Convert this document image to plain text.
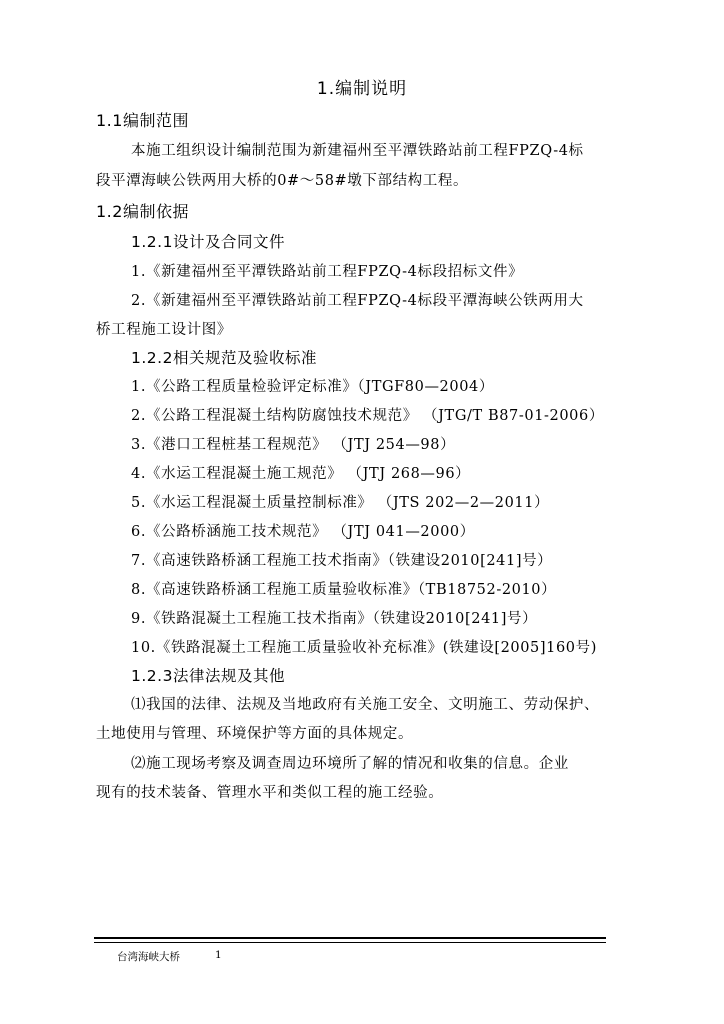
1.编制说明
1.1编制范围
本施工组织设计编制范围为新建福州至平潭铁路站前工程FPZQ-4标
段平潭海峡公铁两用大桥的0#～58#墩下部结构工程。
1.2编制依据
1.2.1设计及合同文件
1.《新建福州至平潭铁路站前工程FPZQ-4标段招标文件》
2.《新建福州至平潭铁路站前工程FPZQ-4标段平潭海峡公铁两用大
桥工程施工设计图》
1.2.2相关规范及验收标准
1.《公路工程质量检验评定标准》（JTGF80—2004）
2.《公路工程混凝土结构防腐蚀技术规范》 （JTG/T B87-01-2006）
3.《港口工程桩基工程规范》 （JTJ 254—98）
4.《水运工程混凝土施工规范》 （JTJ 268—96）
5.《水运工程混凝土质量控制标准》 （JTS 202—2—2011）
6.《公路桥涵施工技术规范》 （JTJ 041—2000）
7.《高速铁路桥涵工程施工技术指南》（铁建设2010[241]号）
8.《高速铁路桥涵工程施工质量验收标准》（TB18752-2010）
9.《铁路混凝土工程施工技术指南》（铁建设2010[241]号）
10.《铁路混凝土工程施工质量验收补充标准》(铁建设[2005]160号)
1.2.3法律法规及其他
⑴我国的法律、法规及当地政府有关施工安全、文明施工、劳动保护、
土地使用与管理、环境保护等方面的具体规定。
⑵施工现场考察及调查周边环境所了解的情况和收集的信息。企业
现有的技术装备、管理水平和类似工程的施工经验。
台湾海峡大桥	1
